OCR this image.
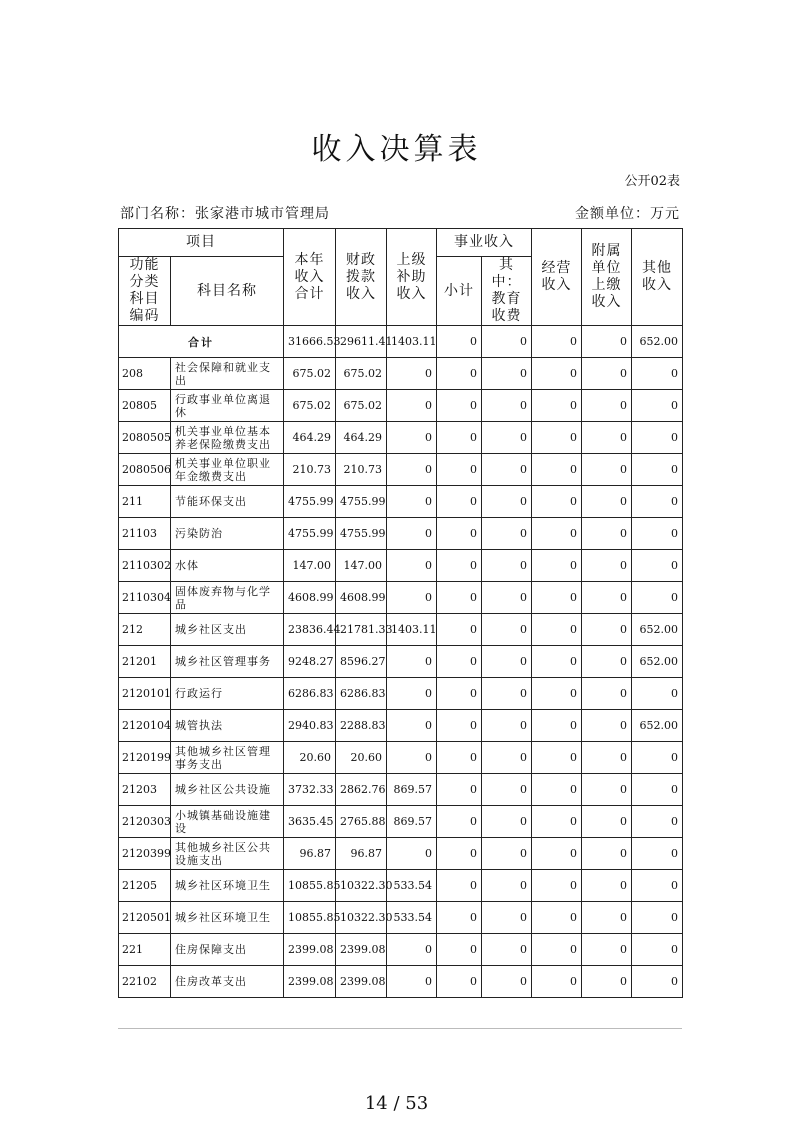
收入决算表
公开02表
部门名称：张家港市城市管理局	金额单位：万元
项目		本年收入合计	财政拨款收入	上级补助收入	事业收入		经营收入	附属单位上缴收入	其他收入
功能分类科目编码	科目名称				小计	其中：教育收费			
合计		31666.53	29611.41	1403.11	0	0	0	0	652.00
208	社会保障和就业支出	675.02	675.02	0	0	0	0	0	0
20805	行政事业单位离退休	675.02	675.02	0	0	0	0	0	0
2080505	机关事业单位基本养老保险缴费支出	464.29	464.29	0	0	0	0	0	0
2080506	机关事业单位职业年金缴费支出	210.73	210.73	0	0	0	0	0	0
211	节能环保支出	4755.99	4755.99	0	0	0	0	0	0
21103	污染防治	4755.99	4755.99	0	0	0	0	0	0
2110302	水体	147.00	147.00	0	0	0	0	0	0
2110304	固体废弃物与化学品	4608.99	4608.99	0	0	0	0	0	0
212	城乡社区支出	23836.44	21781.33	1403.11	0	0	0	0	652.00
21201	城乡社区管理事务	9248.27	8596.27	0	0	0	0	0	652.00
2120101	行政运行	6286.83	6286.83	0	0	0	0	0	0
2120104	城管执法	2940.83	2288.83	0	0	0	0	0	652.00
2120199	其他城乡社区管理事务支出	20.60	20.60	0	0	0	0	0	0
21203	城乡社区公共设施	3732.33	2862.76	869.57	0	0	0	0	0
2120303	小城镇基础设施建设	3635.45	2765.88	869.57	0	0	0	0	0
2120399	其他城乡社区公共设施支出	96.87	96.87	0	0	0	0	0	0
21205	城乡社区环境卫生	10855.85	10322.30	533.54	0	0	0	0	0
2120501	城乡社区环境卫生	10855.85	10322.30	533.54	0	0	0	0	0
221	住房保障支出	2399.08	2399.08	0	0	0	0	0	0
22102	住房改革支出	2399.08	2399.08	0	0	0	0	0	0
14 / 53
